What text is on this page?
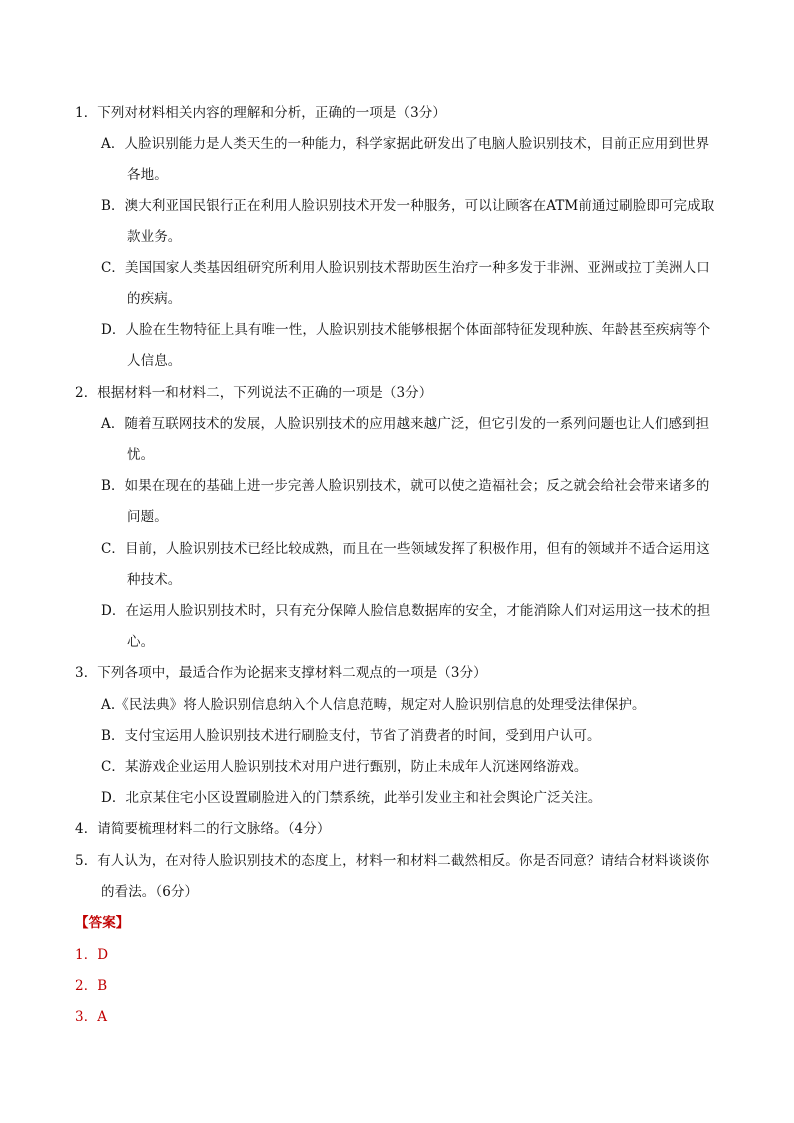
1．下列对材料相关内容的理解和分析，正确的一项是（3分）
A．人脸识别能力是人类天生的一种能力，科学家据此研发出了电脑人脸识别技术，目前正应用到世界
各地。
B．澳大利亚国民银行正在利用人脸识别技术开发一种服务，可以让顾客在ATM前通过刷脸即可完成取
款业务。
C．美国国家人类基因组研究所利用人脸识别技术帮助医生治疗一种多发于非洲、亚洲或拉丁美洲人口
的疾病。
D．人脸在生物特征上具有唯一性，人脸识别技术能够根据个体面部特征发现种族、年龄甚至疾病等个
人信息。
2．根据材料一和材料二，下列说法不正确的一项是（3分）
A．随着互联网技术的发展，人脸识别技术的应用越来越广泛，但它引发的一系列问题也让人们感到担
忧。
B．如果在现在的基础上进一步完善人脸识别技术，就可以使之造福社会；反之就会给社会带来诸多的
问题。
C．目前，人脸识别技术已经比较成熟，而且在一些领域发挥了积极作用，但有的领域并不适合运用这
种技术。
D．在运用人脸识别技术时，只有充分保障人脸信息数据库的安全，才能消除人们对运用这一技术的担
心。
3．下列各项中，最适合作为论据来支撑材料二观点的一项是（3分）
A.《民法典》将人脸识别信息纳入个人信息范畴，规定对人脸识别信息的处理受法律保护。
B．支付宝运用人脸识别技术进行刷脸支付，节省了消费者的时间，受到用户认可。
C．某游戏企业运用人脸识别技术对用户进行甄别，防止未成年人沉迷网络游戏。
D．北京某住宅小区设置刷脸进入的门禁系统，此举引发业主和社会舆论广泛关注。
4．请简要梳理材料二的行文脉络。（4分）
5．有人认为，在对待人脸识别技术的态度上，材料一和材料二截然相反。你是否同意？请结合材料谈谈你
的看法。（6分）
【答案】
1．D
2．B
3．A
